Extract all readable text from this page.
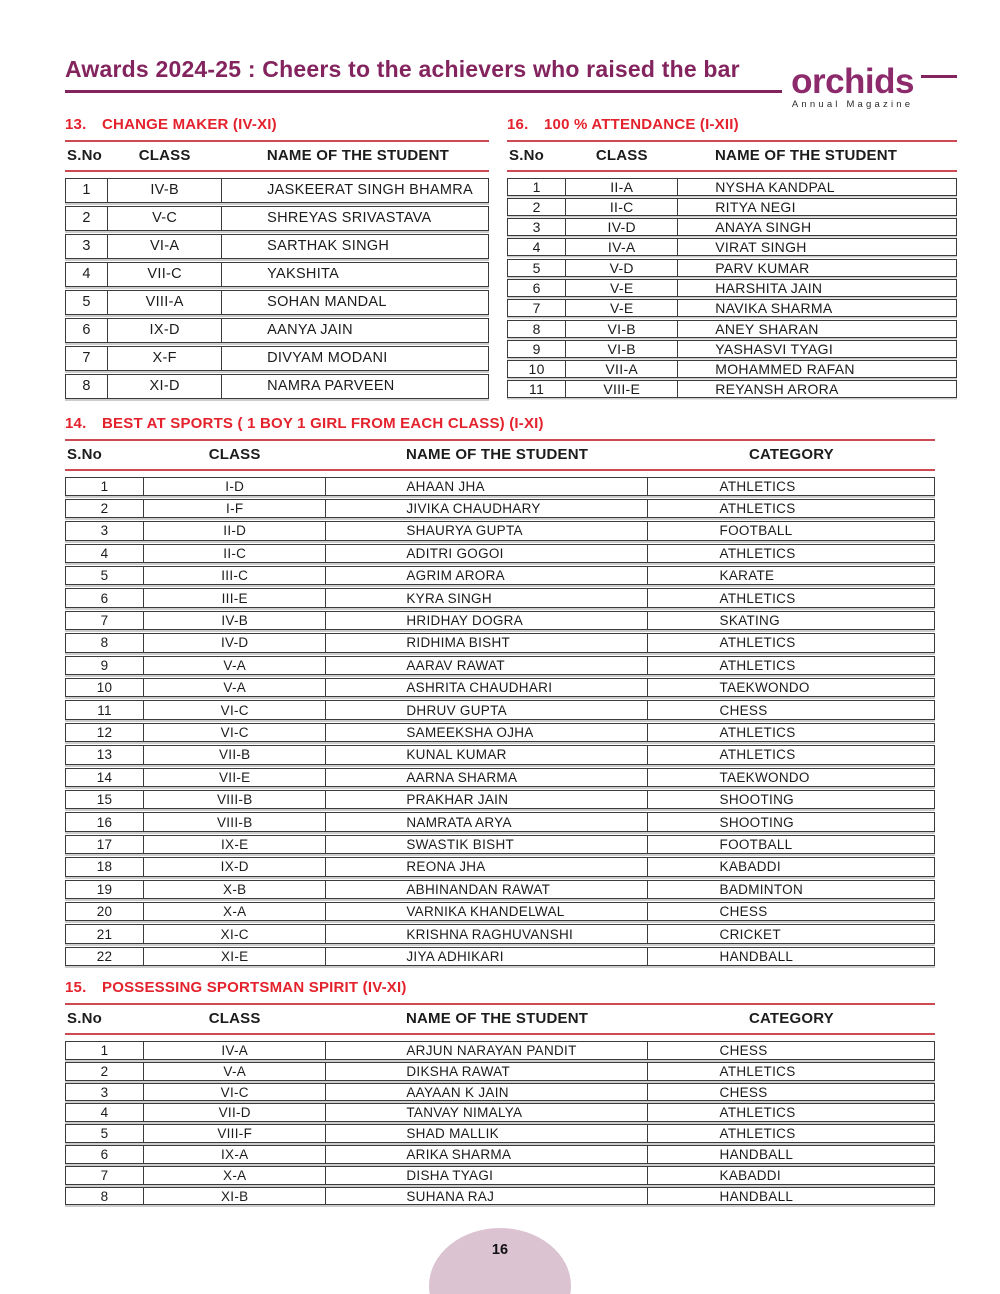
Awards 2024-25 : Cheers to the achievers who raised the bar	orchids
Annual Magazine
13.	CHANGE MAKER (IV-XI)
S.No	CLASS	NAME OF THE STUDENT
1	IV-B	JASKEERAT SINGH BHAMRA
2	V-C	SHREYAS SRIVASTAVA
3	VI-A	SARTHAK SINGH
4	VII-C	YAKSHITA
5	VIII-A	SOHAN MANDAL
6	IX-D	AANYA JAIN
7	X-F	DIVYAM MODANI
8	XI-D	NAMRA PARVEEN
16.	100 % ATTENDANCE (I-XII)
S.No	CLASS	NAME OF THE STUDENT
1	II-A	NYSHA KANDPAL
2	II-C	RITYA NEGI
3	IV-D	ANAYA SINGH
4	IV-A	VIRAT SINGH
5	V-D	PARV KUMAR
6	V-E	HARSHITA JAIN
7	V-E	NAVIKA SHARMA
8	VI-B	ANEY SHARAN
9	VI-B	YASHASVI TYAGI
10	VII-A	MOHAMMED RAFAN
11	VIII-E	REYANSH ARORA
14.	BEST AT SPORTS ( 1 BOY 1 GIRL FROM EACH CLASS) (I-XI)
S.No	CLASS	NAME OF THE STUDENT	CATEGORY
1	I-D	AHAAN JHA	ATHLETICS
2	I-F	JIVIKA CHAUDHARY	ATHLETICS
3	II-D	SHAURYA GUPTA	FOOTBALL
4	II-C	ADITRI GOGOI	ATHLETICS
5	III-C	AGRIM ARORA	KARATE
6	III-E	KYRA SINGH	ATHLETICS
7	IV-B	HRIDHAY DOGRA	SKATING
8	IV-D	RIDHIMA BISHT	ATHLETICS
9	V-A	AARAV RAWAT	ATHLETICS
10	V-A	ASHRITA CHAUDHARI	TAEKWONDO
11	VI-C	DHRUV GUPTA	CHESS
12	VI-C	SAMEEKSHA OJHA	ATHLETICS
13	VII-B	KUNAL KUMAR	ATHLETICS
14	VII-E	AARNA SHARMA	TAEKWONDO
15	VIII-B	PRAKHAR JAIN	SHOOTING
16	VIII-B	NAMRATA ARYA	SHOOTING
17	IX-E	SWASTIK BISHT	FOOTBALL
18	IX-D	REONA JHA	KABADDI
19	X-B	ABHINANDAN RAWAT	BADMINTON
20	X-A	VARNIKA KHANDELWAL	CHESS
21	XI-C	KRISHNA RAGHUVANSHI	CRICKET
22	XI-E	JIYA ADHIKARI	HANDBALL
15.	POSSESSING SPORTSMAN SPIRIT (IV-XI)
S.No	CLASS	NAME OF THE STUDENT	CATEGORY
1	IV-A	ARJUN NARAYAN PANDIT	CHESS
2	V-A	DIKSHA RAWAT	ATHLETICS
3	VI-C	AAYAAN K JAIN	CHESS
4	VII-D	TANVAY NIMALYA	ATHLETICS
5	VIII-F	SHAD MALLIK	ATHLETICS
6	IX-A	ARIKA SHARMA	HANDBALL
7	X-A	DISHA TYAGI	KABADDI
8	XI-B	SUHANA RAJ	HANDBALL
16
